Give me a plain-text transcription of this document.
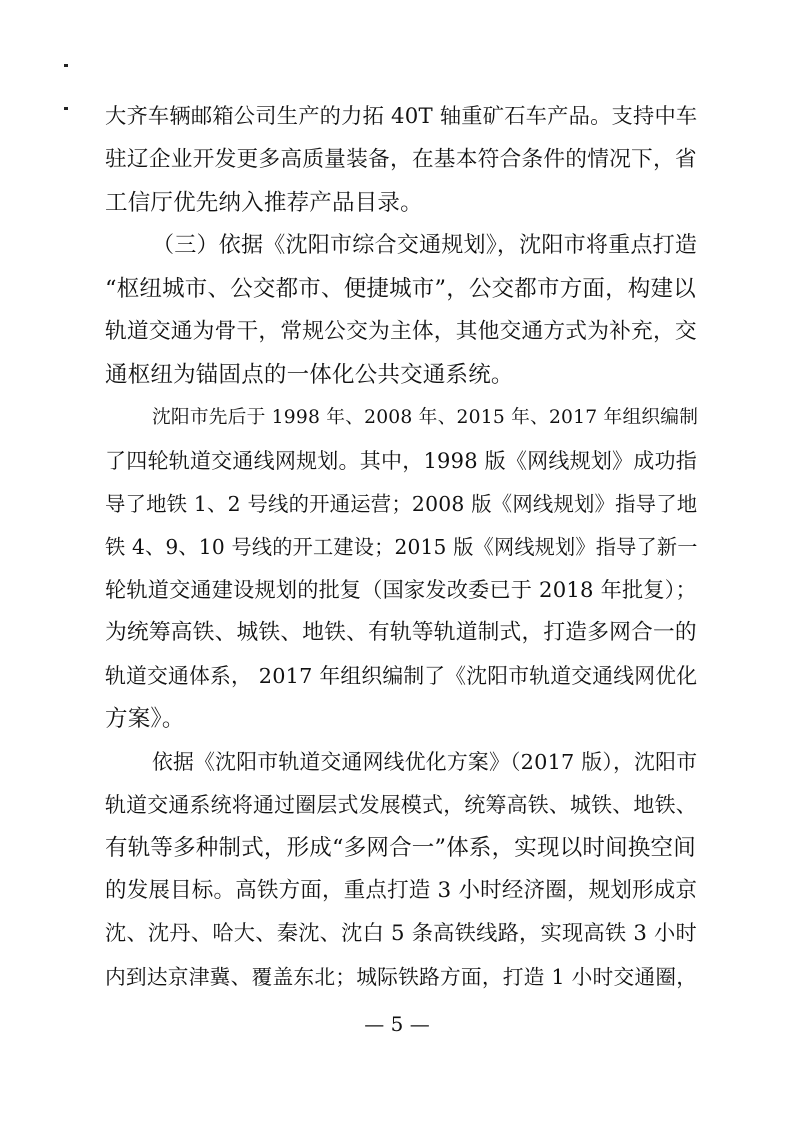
大齐车辆邮箱公司生产的力拓 40T 轴重矿石车产品。支持中车
驻辽企业开发更多高质量装备，在基本符合条件的情况下，省
工信厅优先纳入推荐产品目录。
（三）依据《沈阳市综合交通规划》，沈阳市将重点打造
“枢纽城市、公交都市、便捷城市”，公交都市方面，构建以
轨道交通为骨干，常规公交为主体，其他交通方式为补充，交
通枢纽为锚固点的一体化公共交通系统。
沈阳市先后于 1998 年、2008 年、2015 年、2017 年组织编制
了四轮轨道交通线网规划。其中，1998 版《网线规划》成功指
导了地铁 1、2 号线的开通运营；2008 版《网线规划》指导了地
铁 4、9、10 号线的开工建设；2015 版《网线规划》指导了新一
轮轨道交通建设规划的批复（国家发改委已于 2018 年批复）；
为统筹高铁、城铁、地铁、有轨等轨道制式，打造多网合一的
轨道交通体系， 2017 年组织编制了《沈阳市轨道交通线网优化
方案》。
依据《沈阳市轨道交通网线优化方案》（2017 版），沈阳市
轨道交通系统将通过圈层式发展模式，统筹高铁、城铁、地铁、
有轨等多种制式，形成“多网合一”体系，实现以时间换空间
的发展目标。高铁方面，重点打造 3 小时经济圈，规划形成京
沈、沈丹、哈大、秦沈、沈白 5 条高铁线路，实现高铁 3 小时
内到达京津冀、覆盖东北；城际铁路方面，打造 1 小时交通圈，
— 5 —
